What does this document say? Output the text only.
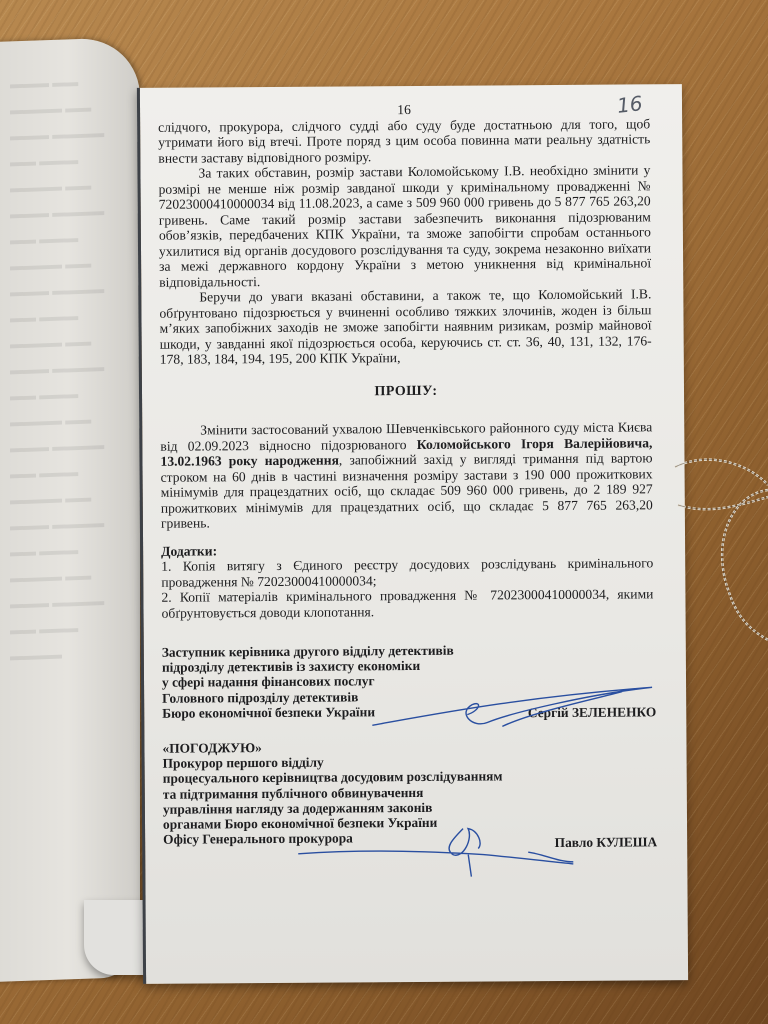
▬▬▬ ▬▬ ▬▬▬▬ ▬▬ ▬▬▬ ▬▬▬▬ ▬▬ ▬▬▬ ▬▬▬▬ ▬▬ ▬▬▬ ▬▬▬▬ ▬▬ ▬▬▬ ▬▬▬▬ ▬▬ ▬▬▬ ▬▬▬▬ ▬▬ ▬▬▬ ▬▬▬▬ ▬▬ ▬▬▬ ▬▬▬▬ ▬▬ ▬▬▬ ▬▬▬▬ ▬▬ ▬▬▬ ▬▬▬▬ ▬▬ ▬▬▬ ▬▬▬▬ ▬▬ ▬▬▬ ▬▬▬▬ ▬▬ ▬▬▬ ▬▬▬▬ ▬▬ ▬▬▬ ▬▬▬▬ ▬▬ ▬▬▬ ▬▬▬▬
16
16

слідчого, прокурора, слідчого судді або суду буде достатньою для того, щоб утримати його від втечі. Проте поряд з цим особа повинна мати реальну здатність внести заставу відповідного розміру.

За таких обставин, розмір застави Коломойському І.В. необхідно змінити у розмірі не менше ніж розмір завданої шкоди у кримінальному провадженні № 72023000410000034 від 11.08.2023, а саме з 509 960 000 гривень до 5 877 765 263,20 гривень. Саме такий розмір застави забезпечить виконання підозрюваним обов’язків, передбачених КПК України, та зможе запобігти спробам останнього ухилитися від органів досудового розслідування та суду, зокрема незаконно виїхати за межі державного кордону України з метою уникнення від кримінальної відповідальності.

Беручи до уваги вказані обставини, а також те, що Коломойський І.В. обґрунтовано підозрюється у вчиненні особливо тяжких злочинів, жоден із більш м’яких запобіжних заходів не зможе запобігти наявним ризикам, розмір майнової шкоди, у завданні якої підозрюється особа, керуючись ст. ст. 36, 40, 131, 132, 176-178, 183, 184, 194, 195, 200 КПК України,

ПРОШУ:

Змінити застосований ухвалою Шевченківського районного суду міста Києва від 02.09.2023 відносно підозрюваного Коломойського Ігоря Валерійовича, 13.02.1963 року народження, запобіжний захід у вигляді тримання під вартою строком на 60 днів в частині визначення розміру застави з 190 000 прожиткових мінімумів для працездатних осіб, що складає 509 960 000 гривень, до 2 189 927 прожиткових мінімумів для працездатних осіб, що складає 5 877 765 263,20 гривень.

Додатки:

1. Копія витягу з Єдиного реєстру досудових розслідувань кримінального провадження № 72023000410000034;

2. Копії матеріалів кримінального провадження № 72023000410000034, якими обґрунтовується доводи клопотання.

Заступник керівника другого відділу детективів
підрозділу детективів із захисту економіки
у сфері надання фінансових послуг
Головного підрозділу детективів
Бюро економічної безпеки України	Сергій ЗЕЛЕНЕНКО
«ПОГОДЖУЮ»
Прокурор першого відділу
процесуального керівництва досудовим розслідуванням
та підтримання публічного обвинувачення
управління нагляду за додержанням законів
органами Бюро економічної безпеки України
Офісу Генерального прокурора	Павло КУЛЕША
